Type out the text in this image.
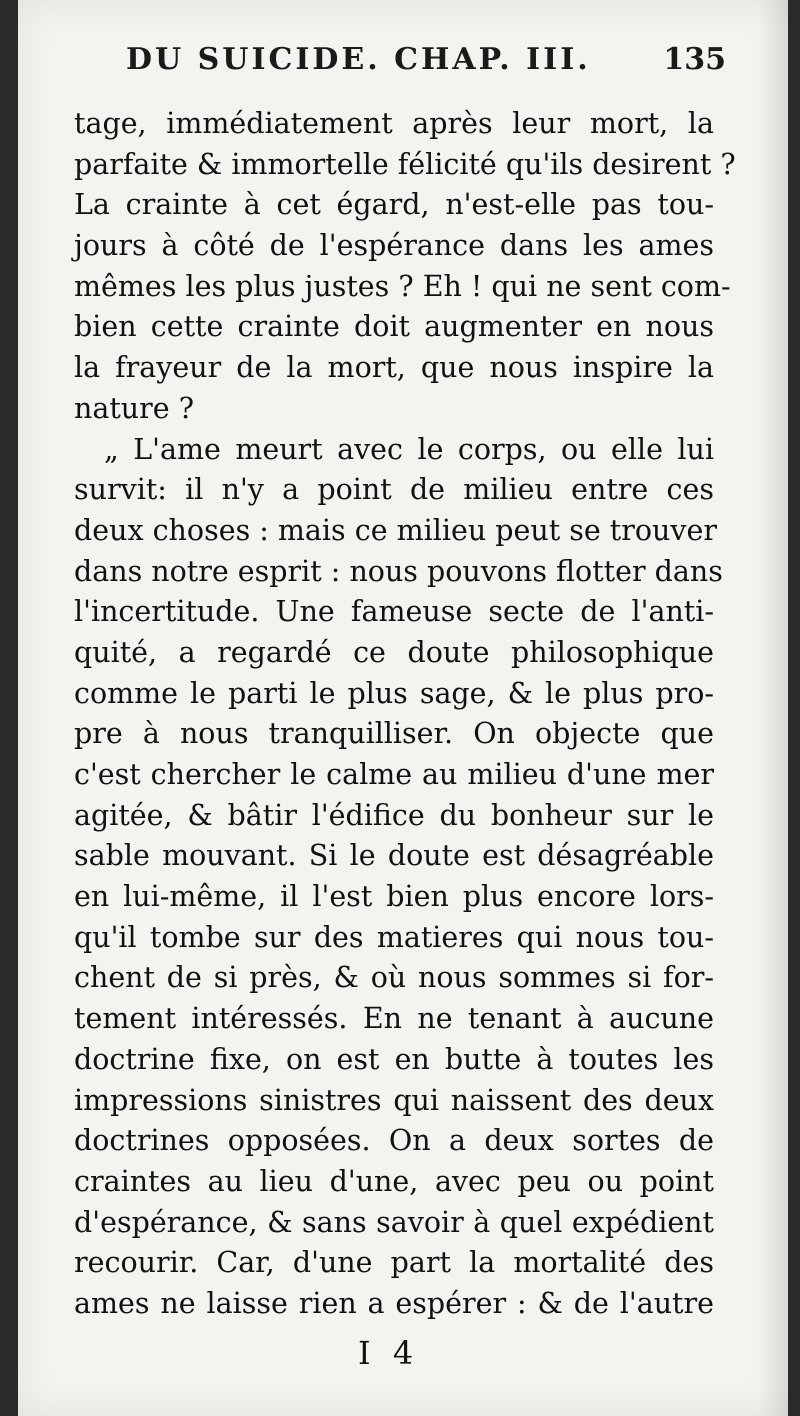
DU SUICIDE. CHAP. III. 135
tage, immédiatement après leur mort, la
parfaite & immortelle félicité qu'ils desirent ?
La crainte à cet égard, n'est-elle pas tou-
jours à côté de l'espérance dans les ames
mêmes les plus justes ? Eh ! qui ne sent com-
bien cette crainte doit augmenter en nous
la frayeur de la mort, que nous inspire la
nature ?
„ L'ame meurt avec le corps, ou elle lui
survit: il n'y a point de milieu entre ces
deux choses : mais ce milieu peut se trouver
dans notre esprit : nous pouvons flotter dans
l'incertitude. Une fameuse secte de l'anti-
quité, a regardé ce doute philosophique
comme le parti le plus sage, & le plus pro-
pre à nous tranquilliser. On objecte que
c'est chercher le calme au milieu d'une mer
agitée, & bâtir l'édifice du bonheur sur le
sable mouvant. Si le doute est désagréable
en lui-même, il l'est bien plus encore lors-
qu'il tombe sur des matieres qui nous tou-
chent de si près, & où nous sommes si for-
tement intéressés. En ne tenant à aucune
doctrine fixe, on est en butte à toutes les
impressions sinistres qui naissent des deux
doctrines opposées. On a deux sortes de
craintes au lieu d'une, avec peu ou point
d'espérance, & sans savoir à quel expédient
recourir. Car, d'une part la mortalité des
ames ne laisse rien a espérer : & de l'autre
I 4
